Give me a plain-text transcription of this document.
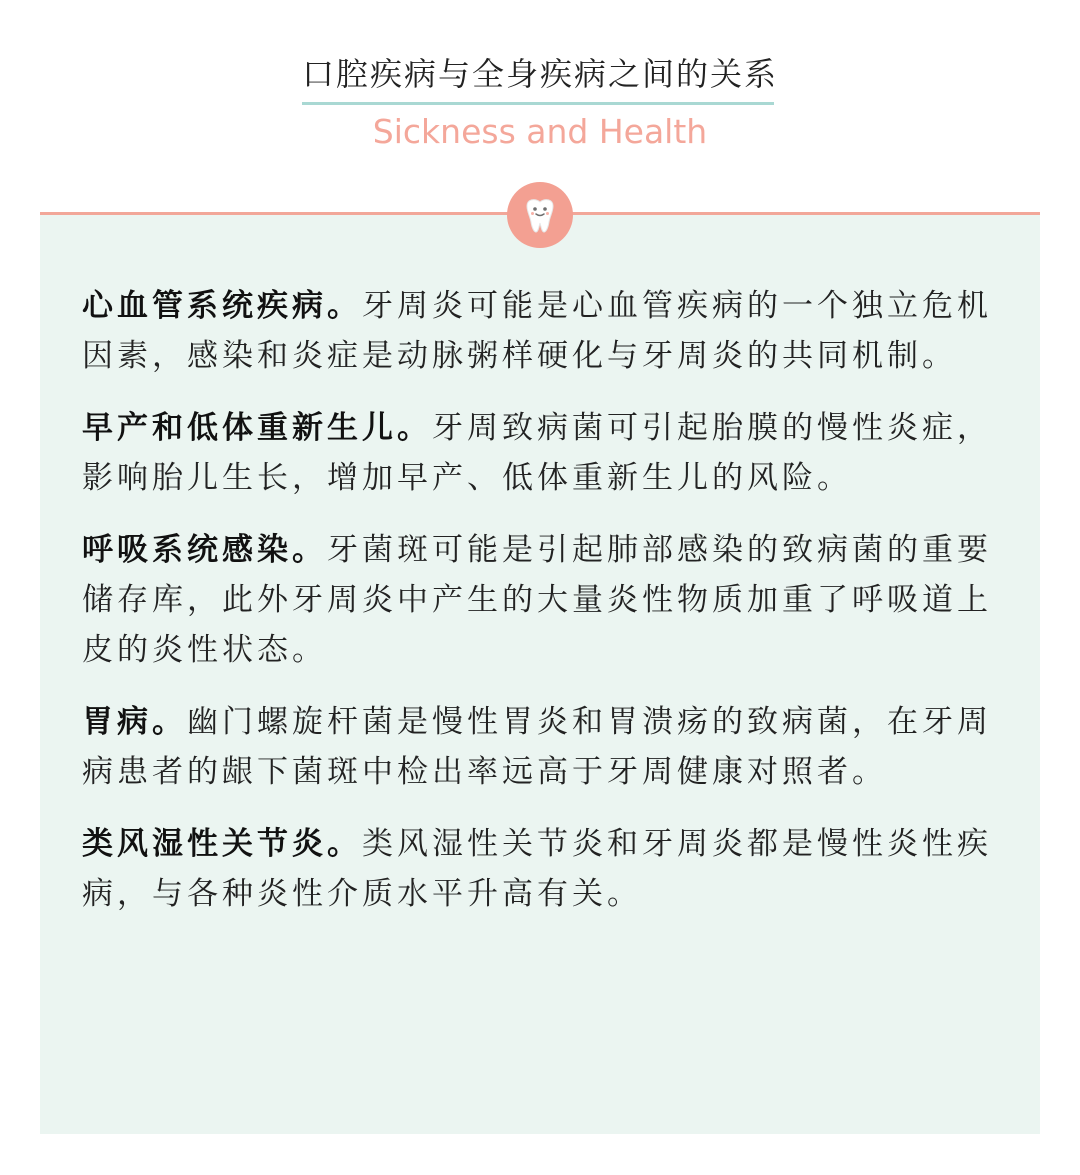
口腔疾病与全身疾病之间的关系
Sickness and Health

心血管系统疾病。牙周炎可能是心血管疾病的一个独立危机因素，感染和炎症是动脉粥样硬化与牙周炎的共同机制。

早产和低体重新生儿。牙周致病菌可引起胎膜的慢性炎症，影响胎儿生长，增加早产、低体重新生儿的风险。

呼吸系统感染。牙菌斑可能是引起肺部感染的致病菌的重要储存库，此外牙周炎中产生的大量炎性物质加重了呼吸道上皮的炎性状态。

胃病。幽门螺旋杆菌是慢性胃炎和胃溃疡的致病菌，在牙周病患者的龈下菌斑中检出率远高于牙周健康对照者。

类风湿性关节炎。类风湿性关节炎和牙周炎都是慢性炎性疾病，与各种炎性介质水平升高有关。
